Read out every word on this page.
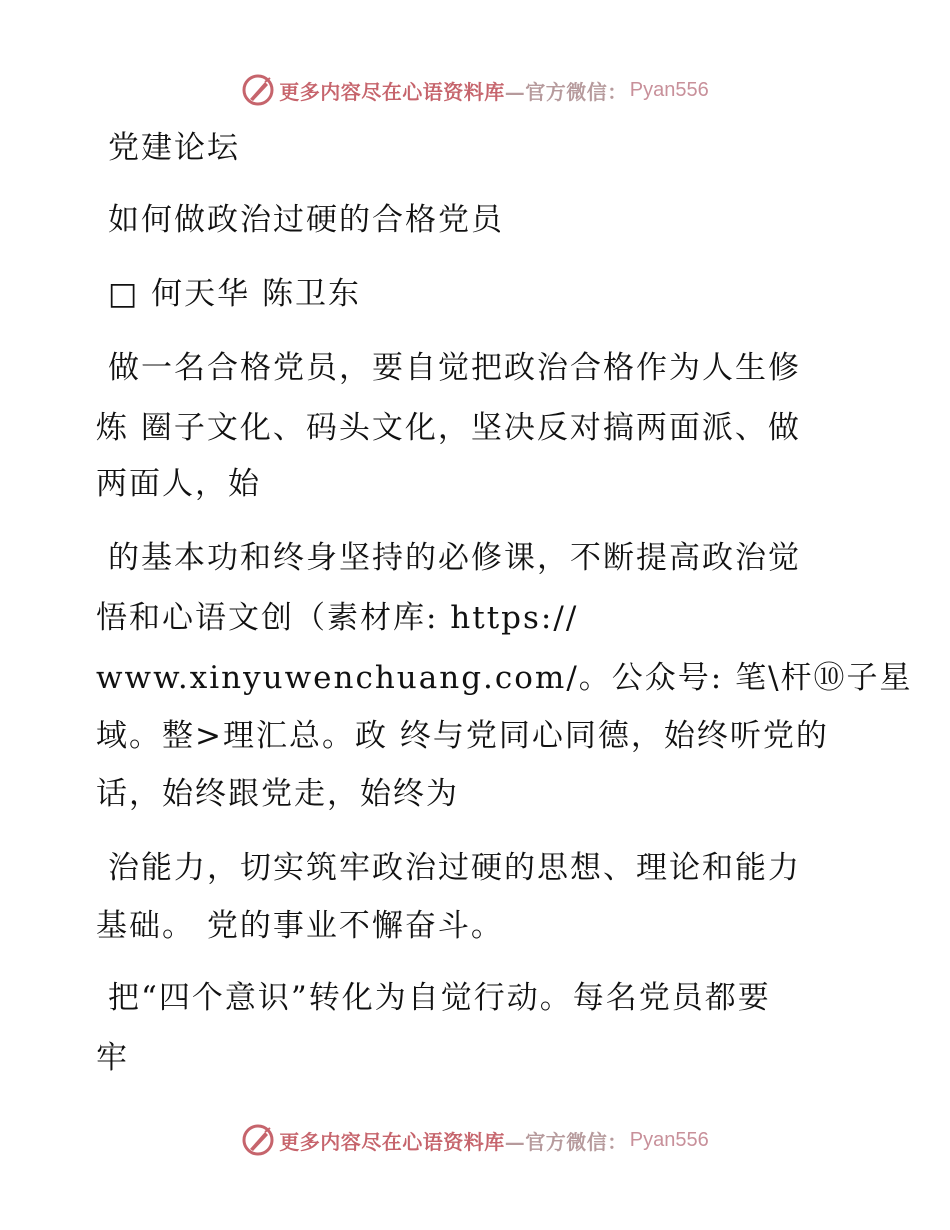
更多内容尽在心语资料库 —官方微信： Pyan556
党建论坛
如何做政治过硬的合格党员
□ 何天华 陈卫东
做一名合格党员，要自觉把政治合格作为人生修
炼 圈子文化、码头文化，坚决反对搞两面派、做
两面人，始
的基本功和终身坚持的必修课，不断提高政治觉
悟和心语文创（素材库: https://
www.xinyuwenchuang.com/。公众号: 笔\杆⑩子星
域。整>理汇总。政 终与党同心同德，始终听党的
话，始终跟党走，始终为
治能力，切实筑牢政治过硬的思想、理论和能力
基础。 党的事业不懈奋斗。
把“四个意识”转化为自觉行动。每名党员都要
牢
更多内容尽在心语资料库 —官方微信： Pyan556
